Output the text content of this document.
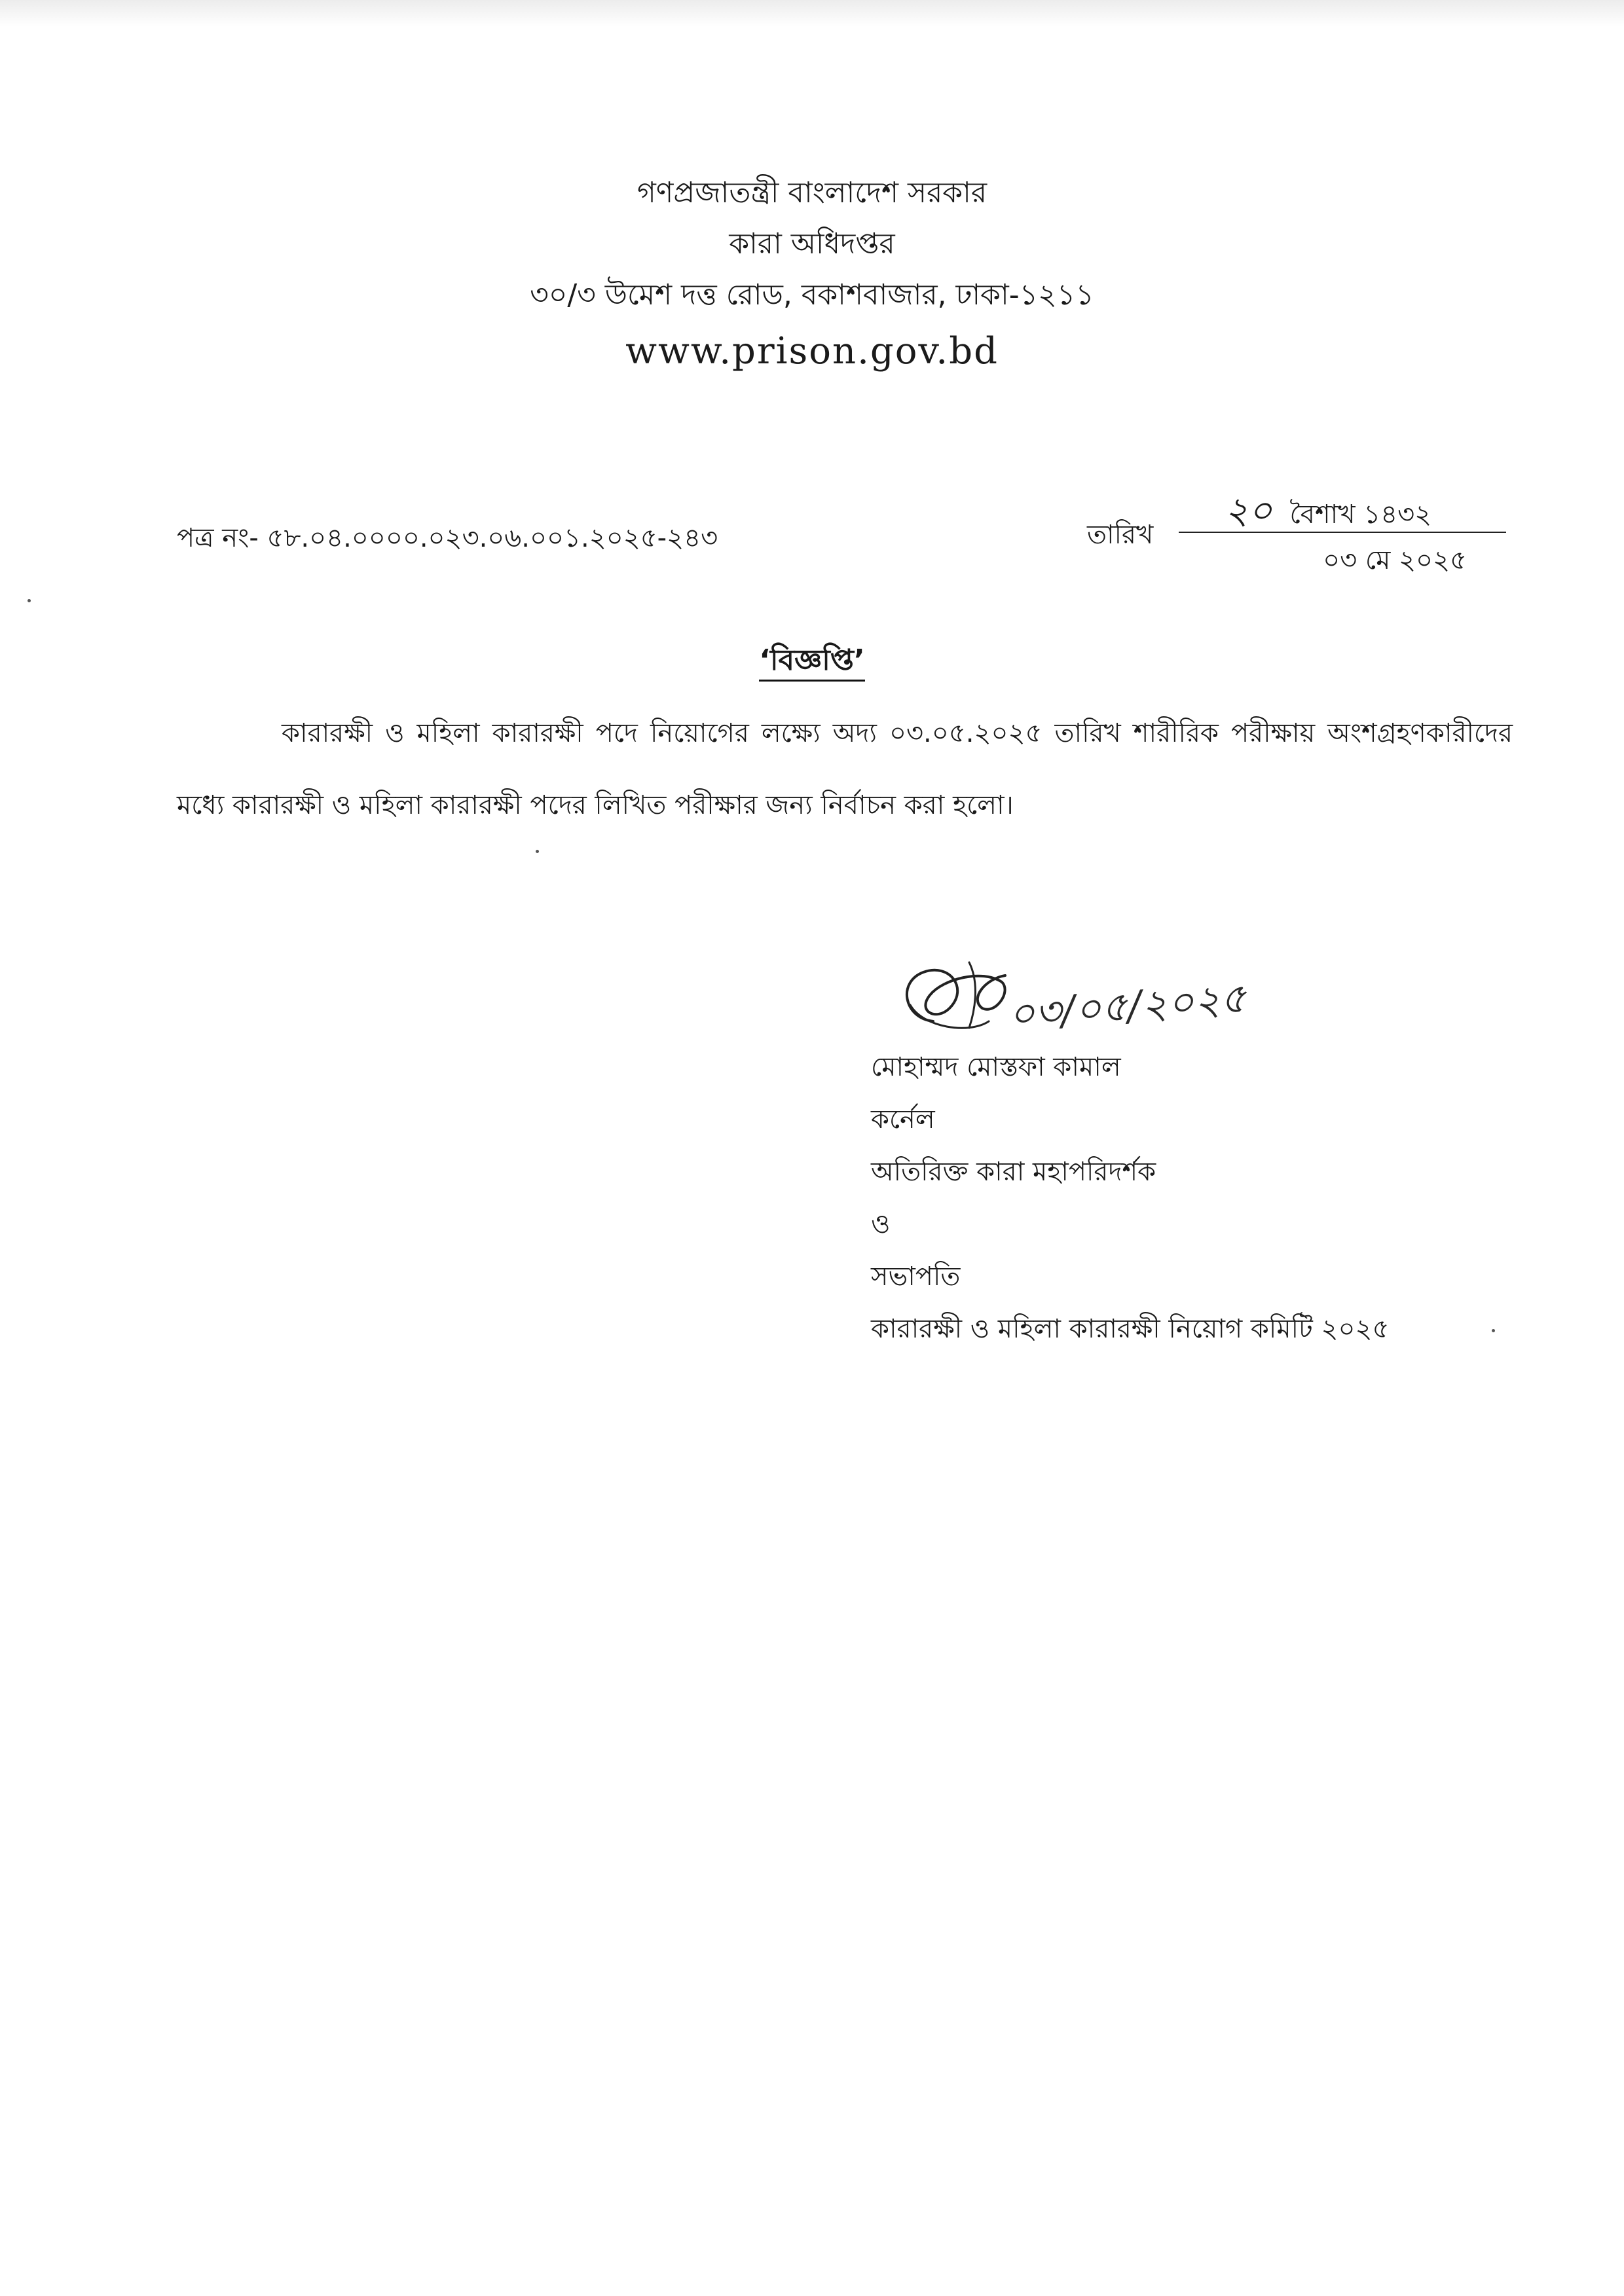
গণপ্রজাতন্ত্রী বাংলাদেশ সরকার
কারা অধিদপ্তর
৩০/৩ উমেশ দত্ত রোড, বকাশবাজার, ঢাকা-১২১১
www.prison.gov.bd
পত্র নং- ৫৮.০৪.০০০০.০২৩.০৬.০০১.২০২৫-২৪৩	তারিখ
২০ বৈশাখ ১৪৩২
০৩ মে ২০২৫
‘বিজ্ঞপ্তি’
কারারক্ষী ও মহিলা কারারক্ষী পদে নিয়োগের লক্ষ্যে অদ্য ০৩.০৫.২০২৫ তারিখ শারীরিক পরীক্ষায় অংশগ্রহণকারীদের মধ্যে কারারক্ষী ও মহিলা কারারক্ষী পদের লিখিত পরীক্ষার জন্য নির্বাচন করা হলো।
০৩/০৫/২০২৫
মোহাম্মদ মোস্তফা কামাল
কর্নেল
অতিরিক্ত কারা মহাপরিদর্শক
ও
সভাপতি
কারারক্ষী ও মহিলা কারারক্ষী নিয়োগ কমিটি ২০২৫
